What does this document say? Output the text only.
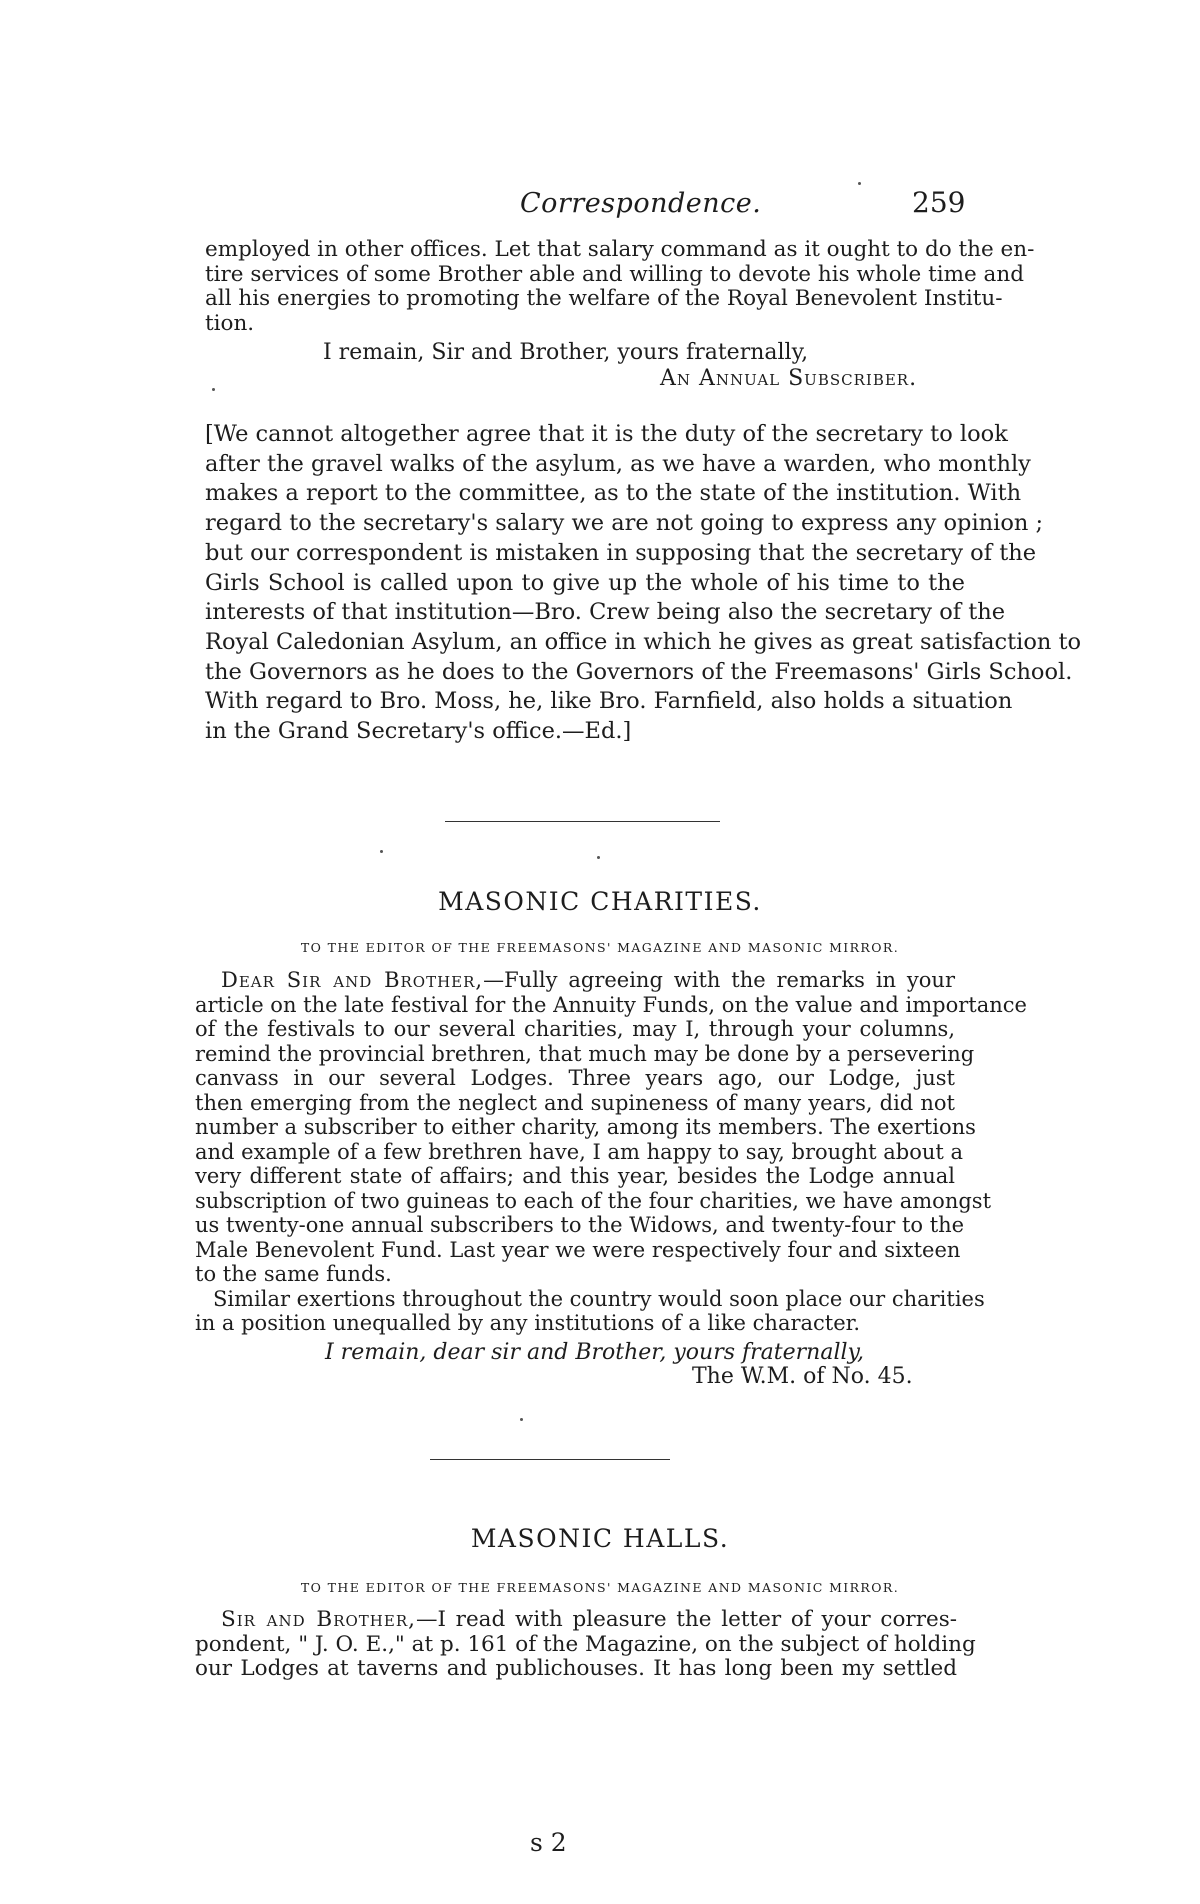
Correspondence.	259
employed in other offices. Let that salary command as it ought to do the en-
tire services of some Brother able and willing to devote his whole time and
all his energies to promoting the welfare of the Royal Benevolent Institu-
tion.
I remain, Sir and Brother, yours fraternally,
An Annual Subscriber.
[We cannot altogether agree that it is the duty of the secretary to look
after the gravel walks of the asylum, as we have a warden, who monthly
makes a report to the committee, as to the state of the institution. With
regard to the secretary's salary we are not going to express any opinion ;
but our correspondent is mistaken in supposing that the secretary of the
Girls School is called upon to give up the whole of his time to the
interests of that institution—Bro. Crew being also the secretary of the
Royal Caledonian Asylum, an office in which he gives as great satisfaction to
the Governors as he does to the Governors of the Freemasons' Girls School.
With regard to Bro. Moss, he, like Bro. Farnfield, also holds a situation
in the Grand Secretary's office.—Ed.]
MASONIC CHARITIES.
TO THE EDITOR OF THE FREEMASONS' MAGAZINE AND MASONIC MIRROR.
Dear Sir and Brother,—Fully agreeing with the remarks in your
article on the late festival for the Annuity Funds, on the value and importance
of the festivals to our several charities, may I, through your columns,
remind the provincial brethren, that much may be done by a persevering
canvass in our several Lodges. Three years ago, our Lodge, just
then emerging from the neglect and supineness of many years, did not
number a subscriber to either charity, among its members. The exertions
and example of a few brethren have, I am happy to say, brought about a
very different state of affairs; and this year, besides the Lodge annual
subscription of two guineas to each of the four charities, we have amongst
us twenty-one annual subscribers to the Widows, and twenty-four to the
Male Benevolent Fund. Last year we were respectively four and sixteen
to the same funds.
Similar exertions throughout the country would soon place our charities
in a position unequalled by any institutions of a like character.
I remain, dear sir and Brother, yours fraternally,
The W.M. of No. 45.
MASONIC HALLS.
TO THE EDITOR OF THE FREEMASONS' MAGAZINE AND MASONIC MIRROR.
Sir and Brother,—I read with pleasure the letter of your corres-
pondent, " J. O. E.," at p. 161 of the Magazine, on the subject of holding
our Lodges at taverns and publichouses. It has long been my settled
s 2
